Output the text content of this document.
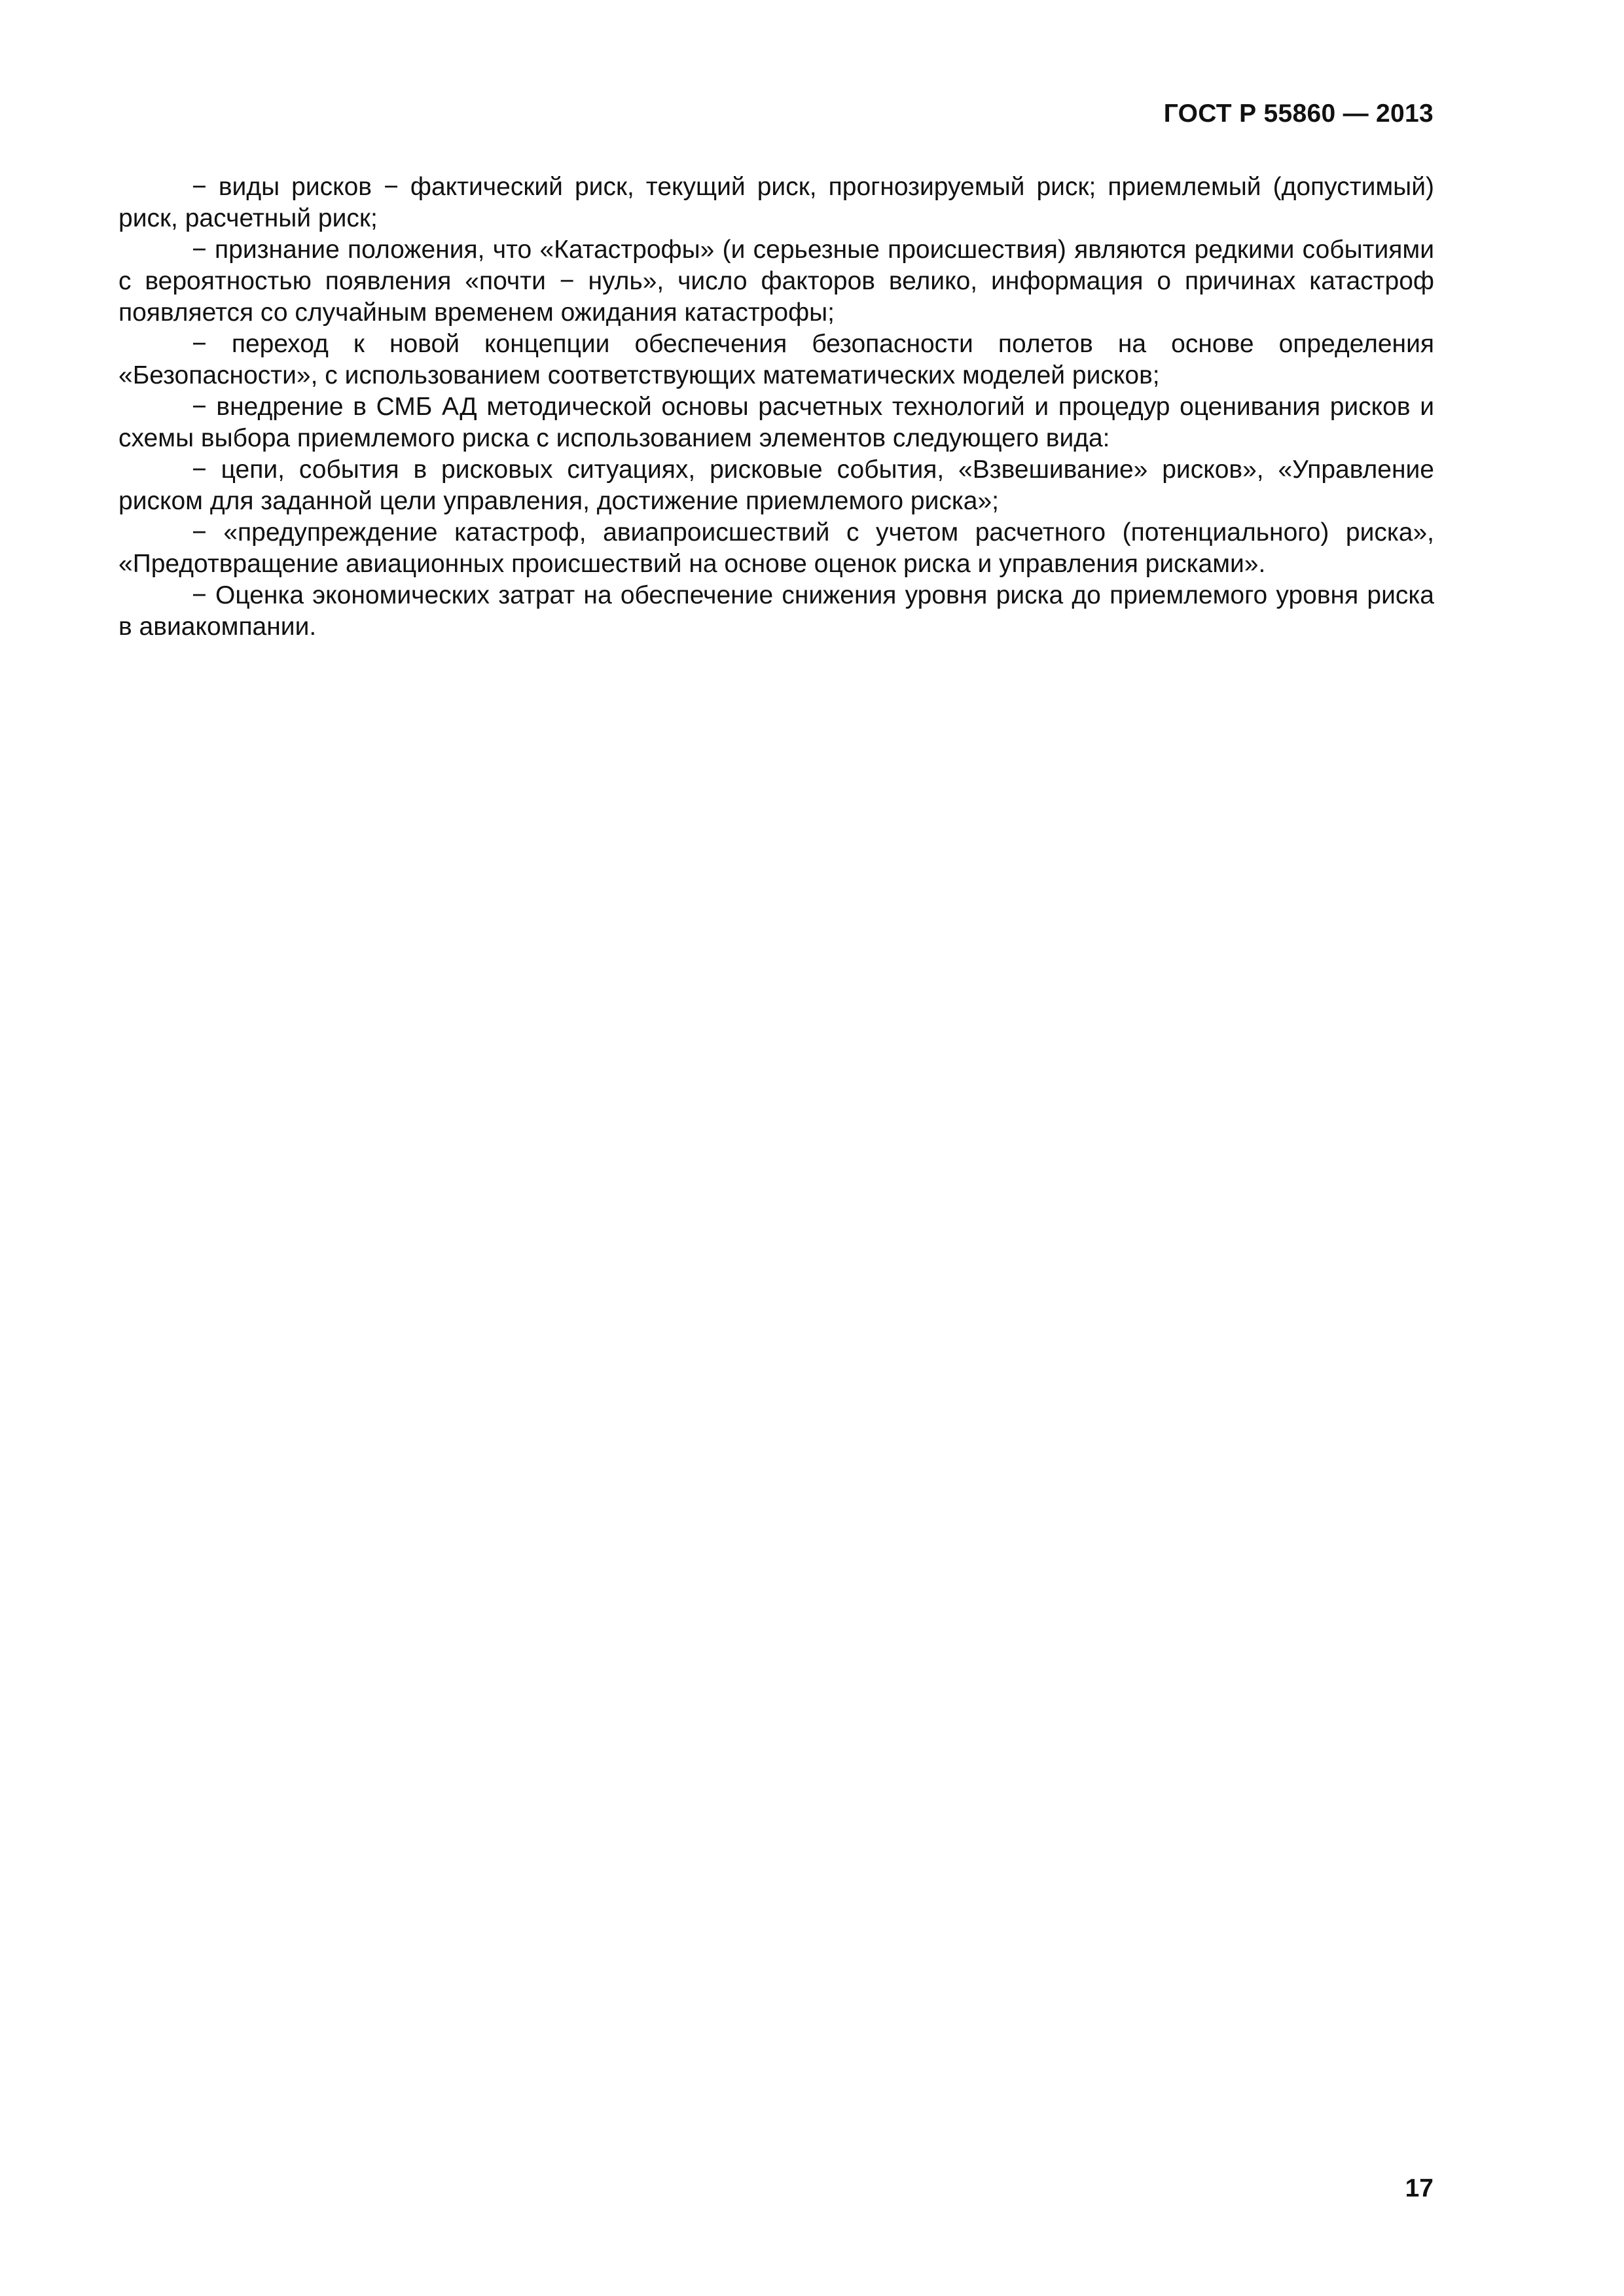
ГОСТ Р 55860 — 2013

− виды рисков − фактический риск, текущий риск, прогнозируемый риск; приемлемый (допустимый) риск, расчетный риск;

− признание положения, что «Катастрофы» (и серьезные происшествия) являются редкими событиями с вероятностью появления «почти − нуль», число факторов велико, информация о причинах катастроф появляется со случайным временем ожидания катастрофы;

− переход к новой концепции обеспечения безопасности полетов на основе определения «Безопасности», с использованием соответствующих математических моделей рисков;

− внедрение в СМБ АД методической основы расчетных технологий и процедур оценивания рисков и схемы выбора приемлемого риска с использованием элементов следующего вида:

− цепи, события в рисковых ситуациях, рисковые события, «Взвешивание» рисков», «Управление риском для заданной цели управления, достижение приемлемого риска»;

− «предупреждение катастроф, авиапроисшествий с учетом расчетного (потенциального) риска», «Предотвращение авиационных происшествий на основе оценок риска и управления рисками».

− Оценка экономических затрат на обеспечение снижения уровня риска до приемлемого уровня риска в авиакомпании.

17
